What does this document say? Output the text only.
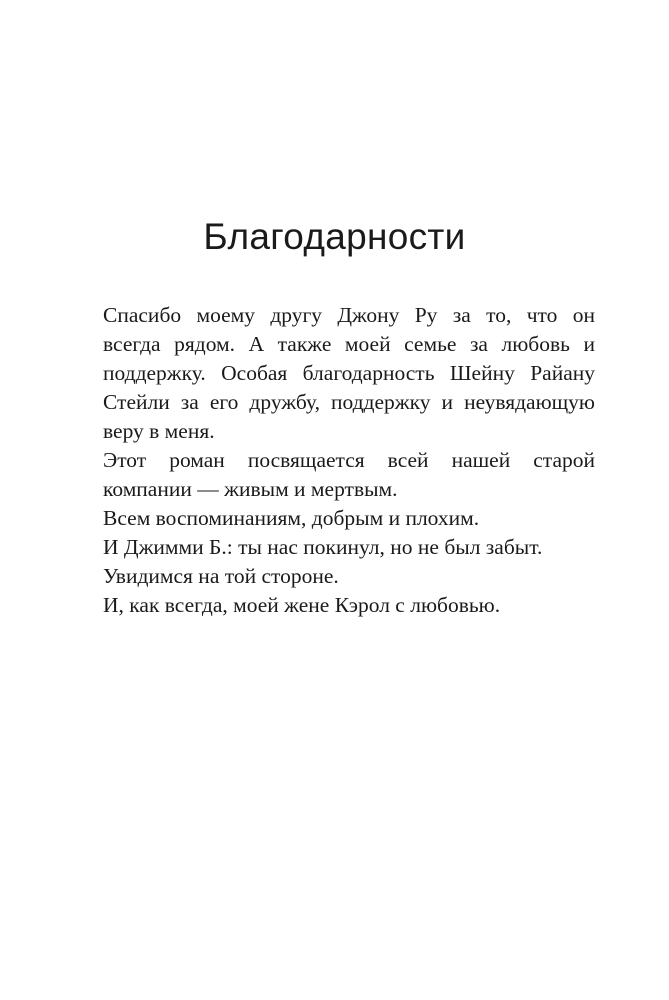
Благодарности

Спасибо моему другу Джону Ру за то, что он
всегда рядом. А также моей семье за любовь и
поддержку. Особая благодарность Шейну Райану
Стейли за его дружбу, поддержку и неувядающую
веру в меня.

Этот роман посвящается всей нашей старой
компании — живым и мертвым.

Всем воспоминаниям, добрым и плохим.

И Джимми Б.: ты нас покинул, но не был забыт.

Увидимся на той стороне.

И, как всегда, моей жене Кэрол с любовью.
